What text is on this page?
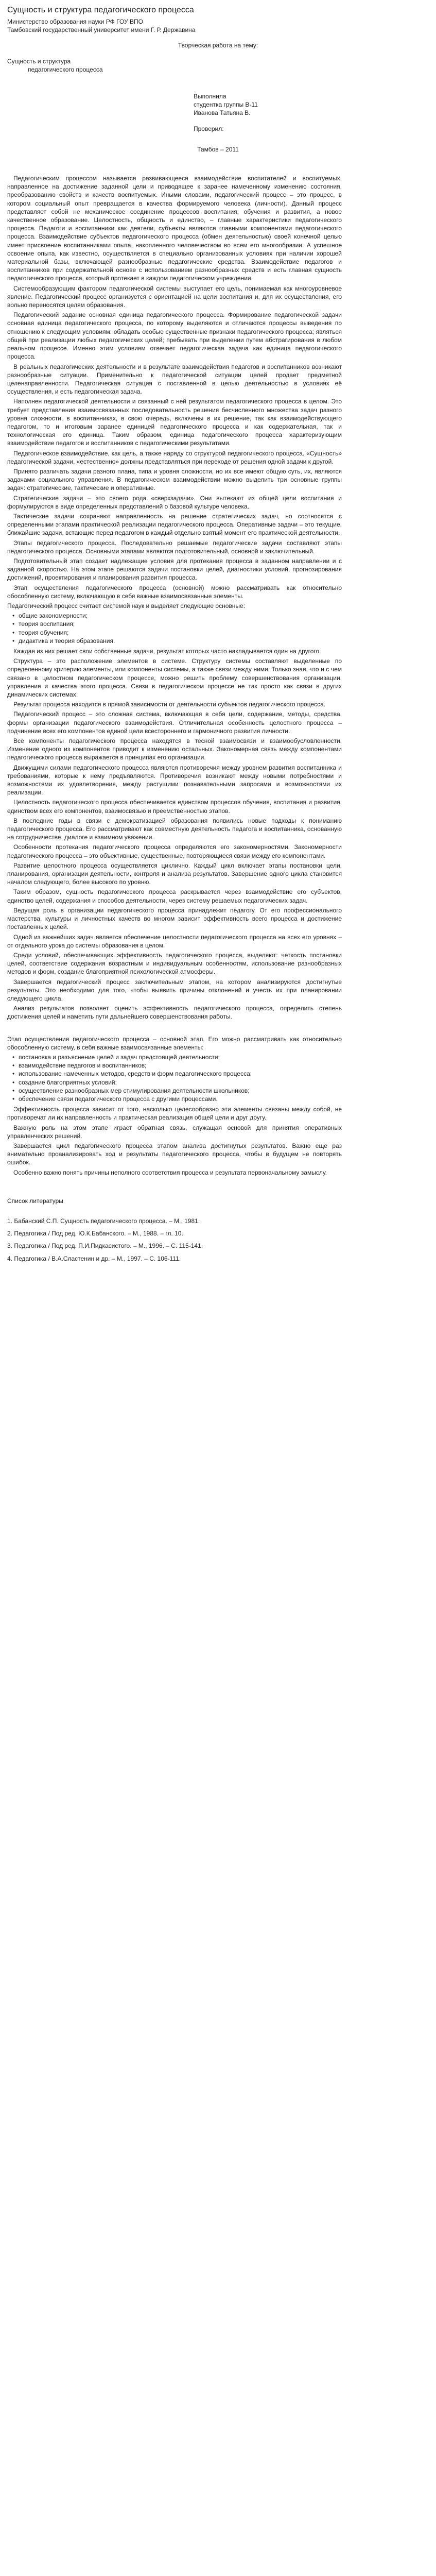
Сущность и структура педагогического процесса

Министерство образования науки РФ ГОУ ВПО

Тамбовский государственный университет имени Г. Р. Державина

Творческая работа на тему:

Сущность и структура

педагогического процесса

Выполнила

студентка группы В-11

Иванова Татьяна В.

Проверил:

Тамбов – 2011

Педагогическим процессом называется развивающееся взаимодействие воспитателей и воспитуемых, направленное на достижение заданной цели и приводящее к заранее намеченному изменению состояния, преобразованию свойств и качеств воспитуемых. Иными словами, педагогический процесс – это процесс, в котором социальный опыт превращается в качества формируемого человека (личности). Данный процесс представляет собой не механическое соединение процессов воспитания, обучения и развития, а новое качественное образование. Целостность, общность и единство, – главные характеристики педагогического процесса. Педагоги и воспитанники как деятели, субъекты являются главными компонентами педагогического процесса. Взаимодействие субъектов педагогического процесса (обмен деятельностью) своей конечной целью имеет присвоение воспитанниками опыта, накопленного человечеством во всем его многообразии. А успешное освоение опыта, как известно, осуществляется в специально организованных условиях при наличии хорошей материальной базы, включающей разнообразные педагогические средства. Взаимодействие педагогов и воспитанников при содержательной основе с использованием разнообразных средств и есть главная сущность педагогического процесса, который протекает в каждом педагогическом учреждении.

Системообразующим фактором педагогической системы выступает его цель, понимаемая как многоуровневое явление. Педагогический процесс организуется с ориентацией на цели воспитания и, для их осуществления, его вольно переносятся целям образования.

Педагогический задание основная единица педагогического процесса. Формирование педагогической задачи основная единица педагогического процесса, по которому выделяются и отличаются процессы выведения по отношению к следующим условиям: обладать особые существенные признаки педагогического процесса; являться общей при реализации любых педагогических целей; пребывать при выделении путем абстрагирования в любом реальном процессе. Именно этим условиям отвечает педагогическая задача как единица педагогического процесса.

В реальных педагогических деятельности и в результате взаимодействия педагогов и воспитанников возникают разнообразные ситуации. Применительно к педагогической ситуации целей продает предметной целенаправленности. Педагогическая ситуация с поставленной в целью деятельностью в условиях её осуществления, и есть педагогическая задача.

Наполнен педагогической деятельности и связанный с ней результатом педагогического процесса в целом. Это требует представления взаимосвязанных последовательность решения бесчисленного множества задач разного уровня сложности, в воспитанниках, в свою очередь, включены в их решение, так как взаимодействующего педагогом, то и итоговым заранее единицей педагогического процесса и как содержательная, так и технологическая его единица. Таким образом, единица педагогического процесса характеризующим взаимодействие педагогов и воспитанников с педагогическими результатами.

Педагогическое взаимодействие, как цель, а также наряду со структурой педагогического процесса. «Сущность» педагогической задачи, «естественно» должны представляться при переходе от решения одной задачи к другой.

Принято различать задачи разного плана, типа и уровня сложности, но их все имеют общую суть, их, являются задачами социального управления. В педагогическом взаимодействии можно выделить три основные группы задач: стратегические, тактические и оперативные.

Стратегические задачи – это своего рода «сверхзадачи». Они вытекают из общей цели воспитания и формулируются в виде определенных представлений о базовой культуре человека.

Тактические задачи сохраняют направленность на решение стратегических задач, но соотносятся с определенными этапами практической реализации педагогического процесса. Оперативные задачи – это текущие, ближайшие задачи, встающие перед педагогом в каждый отдельно взятый момент его практической деятельности.

Этапы педагогического процесса. Последовательно решаемые педагогические задачи составляют этапы педагогического процесса. Основными этапами являются подготовительный, основной и заключительный.

Подготовительный этап создает надлежащие условия для протекания процесса в заданном направлении и с заданной скоростью. На этом этапе решаются задачи постановки целей, диагностики условий, прогнозирования достижений, проектирования и планирования развития процесса.

Этап осуществления педагогического процесса (основной) можно рассматривать как относительно обособленную систему, включающую в себя важные взаимосвязанные элементы.

Педагогический процесс считает системой наук и выделяет следующие основные:

• общие закономерности;
• теория воспитания;
• теория обучения;
• дидактика и теория образования.

Каждая из них решает свои собственные задачи, результат которых часто накладывается один на другого.

Структура – это расположение элементов в системе. Структуру системы составляют выделенные по определенному критерию элементы, или компоненты системы, а также связи между ними. Только зная, что и с чем связано в целостном педагогическом процессе, можно решить проблему совершенствования организации, управления и качества этого процесса. Связи в педагогическом процессе не так просто как связи в других динамических системах.

Результат процесса находится в прямой зависимости от деятельности субъектов педагогического процесса.

Педагогический процесс – это сложная система, включающая в себя цели, содержание, методы, средства, формы организации педагогического взаимодействия. Отличительная особенность целостного процесса – подчинение всех его компонентов единой цели всестороннего и гармоничного развития личности.

Все компоненты педагогического процесса находятся в тесной взаимосвязи и взаимообусловленности. Изменение одного из компонентов приводит к изменению остальных. Закономерная связь между компонентами педагогического процесса выражается в принципах его организации.

Движущими силами педагогического процесса являются противоречия между уровнем развития воспитанника и требованиями, которые к нему предъявляются. Противоречия возникают между новыми потребностями и возможностями их удовлетворения, между растущими познавательными запросами и возможностями их реализации.

Целостность педагогического процесса обеспечивается единством процессов обучения, воспитания и развития, единством всех его компонентов, взаимосвязью и преемственностью этапов.

В последние годы в связи с демократизацией образования появились новые подходы к пониманию педагогического процесса. Его рассматривают как совместную деятельность педагога и воспитанника, основанную на сотрудничестве, диалоге и взаимном уважении.

Особенности протекания педагогического процесса определяются его закономерностями. Закономерности педагогического процесса – это объективные, существенные, повторяющиеся связи между его компонентами.

Развитие целостного процесса осуществляется циклично. Каждый цикл включает этапы постановки цели, планирования, организации деятельности, контроля и анализа результатов. Завершение одного цикла становится началом следующего, более высокого по уровню.

Таким образом, сущность педагогического процесса раскрывается через взаимодействие его субъектов, единство целей, содержания и способов деятельности, через систему решаемых педагогических задач.

Ведущая роль в организации педагогического процесса принадлежит педагогу. От его профессионального мастерства, культуры и личностных качеств во многом зависит эффективность всего процесса и достижение поставленных целей.

Одной из важнейших задач является обеспечение целостности педагогического процесса на всех его уровнях – от отдельного урока до системы образования в целом.

Среди условий, обеспечивающих эффективность педагогического процесса, выделяют: четкость постановки целей, соответствие содержания возрастным и индивидуальным особенностям, использование разнообразных методов и форм, создание благоприятной психологической атмосферы.

Завершается педагогический процесс заключительным этапом, на котором анализируются достигнутые результаты. Это необходимо для того, чтобы выявить причины отклонений и учесть их при планировании следующего цикла.

Анализ результатов позволяет оценить эффективность педагогического процесса, определить степень достижения целей и наметить пути дальнейшего совершенствования работы.

Этап осуществления педагогического процесса – основной этап. Его можно рассматривать как относительно обособленную систему, в себя важные взаимосвязанные элементы:

• постановка и разъяснение целей и задач предстоящей деятельности;
• взаимодействие педагогов и воспитанников;
• использование намеченных методов, средств и форм педагогического процесса;
• создание благоприятных условий;
• осуществление разнообразных мер стимулирования деятельности школьников;
• обеспечение связи педагогического процесса с другими процессами.

Эффективность процесса зависит от того, насколько целесообразно эти элементы связаны между собой, не противоречат ли их направленность и практическая реализация общей цели и друг другу.

Важную роль на этом этапе играет обратная связь, служащая основой для принятия оперативных управленческих решений.

Завершается цикл педагогического процесса этапом анализа достигнутых результатов. Важно еще раз внимательно проанализировать ход и результаты педагогического процесса, чтобы в будущем не повторять ошибок.

Особенно важно понять причины неполного соответствия процесса и результата первоначальному замыслу.

Список литературы

1. Бабанский С.П. Сущность педагогического процесса. – М., 1981.

2. Педагогика / Под ред. Ю.К.Бабанского. – М., 1988. – гл. 10.

3. Педагогика / Под ред. П.И.Пидкасистого. – М., 1996. – С. 115-141.

4. Педагогика / В.А.Сластенин и др. – М., 1997. – С. 106-111.
